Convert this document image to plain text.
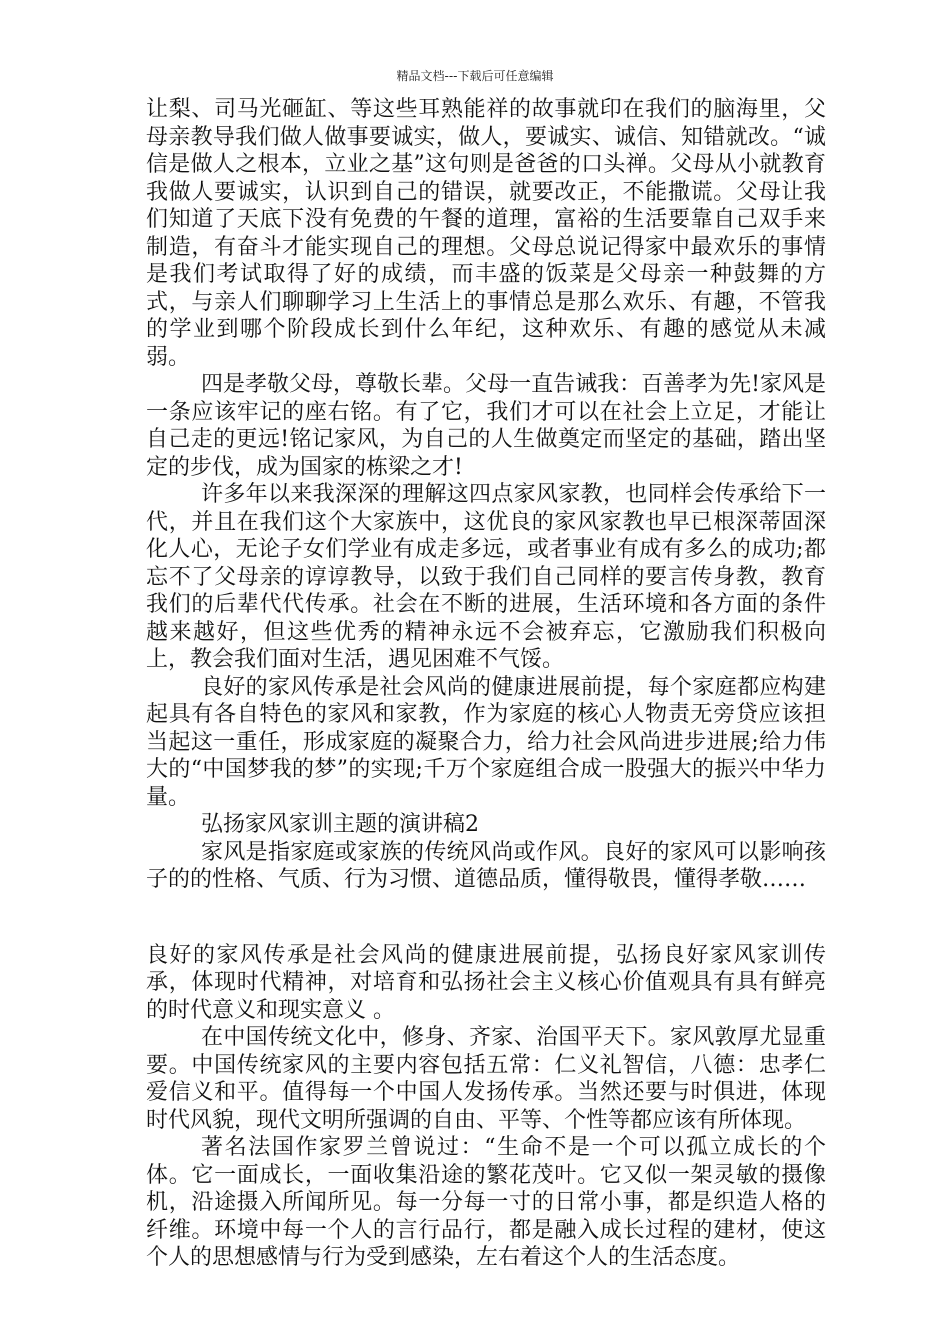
精品文档---下载后可任意编辑

让梨、司马光砸缸、等这些耳熟能祥的故事就印在我们的脑海里，父母亲教导我们做人做事要诚实，做人，要诚实、诚信、知错就改。“诚信是做人之根本，立业之基”这句则是爸爸的口头禅。父母从小就教育我做人要诚实，认识到自己的错误，就要改正，不能撒谎。父母让我们知道了天底下没有免费的午餐的道理，富裕的生活要靠自己双手来制造，有奋斗才能实现自己的理想。父母总说记得家中最欢乐的事情是我们考试取得了好的成绩，而丰盛的饭菜是父母亲一种鼓舞的方式，与亲人们聊聊学习上生活上的事情总是那么欢乐、有趣，不管我的学业到哪个阶段成长到什么年纪，这种欢乐、有趣的感觉从未减弱。

四是孝敬父母，尊敬长辈。父母一直告诫我：百善孝为先!家风是一条应该牢记的座右铭。有了它，我们才可以在社会上立足，才能让自己走的更远!铭记家风，为自己的人生做奠定而坚定的基础，踏出坚定的步伐，成为国家的栋梁之才!

许多年以来我深深的理解这四点家风家教，也同样会传承给下一代，并且在我们这个大家族中，这优良的家风家教也早已根深蒂固深化人心，无论子女们学业有成走多远，或者事业有成有多么的成功;都忘不了父母亲的谆谆教导，以致于我们自己同样的要言传身教，教育我们的后辈代代传承。社会在不断的进展，生活环境和各方面的条件越来越好，但这些优秀的精神永远不会被弃忘，它激励我们积极向上，教会我们面对生活，遇见困难不气馁。

良好的家风传承是社会风尚的健康进展前提，每个家庭都应构建起具有各自特色的家风和家教，作为家庭的核心人物责无旁贷应该担当起这一重任，形成家庭的凝聚合力，给力社会风尚进步进展;给力伟大的“中国梦我的梦”的实现;千万个家庭组合成一股强大的振兴中华力量。

弘扬家风家训主题的演讲稿2

家风是指家庭或家族的传统风尚或作风。良好的家风可以影响孩子的的性格、气质、行为习惯、道德品质，懂得敬畏，懂得孝敬……

良好的家风传承是社会风尚的健康进展前提，弘扬良好家风家训传承，体现时代精神，对培育和弘扬社会主义核心价值观具有具有鲜亮的时代意义和现实意义 。

在中国传统文化中，修身、齐家、治国平天下。家风敦厚尤显重要。中国传统家风的主要内容包括五常：仁义礼智信，八德：忠孝仁爱信义和平。值得每一个中国人发扬传承。当然还要与时俱进，体现时代风貌，现代文明所强调的自由、平等、个性等都应该有所体现。

著名法国作家罗兰曾说过：“生命不是一个可以孤立成长的个体。它一面成长，一面收集沿途的繁花茂叶。它又似一架灵敏的摄像机，沿途摄入所闻所见。每一分每一寸的日常小事，都是织造人格的纤维。环境中每一个人的言行品行，都是融入成长过程的建材，使这个人的思想感情与行为受到感染，左右着这个人的生活态度。
